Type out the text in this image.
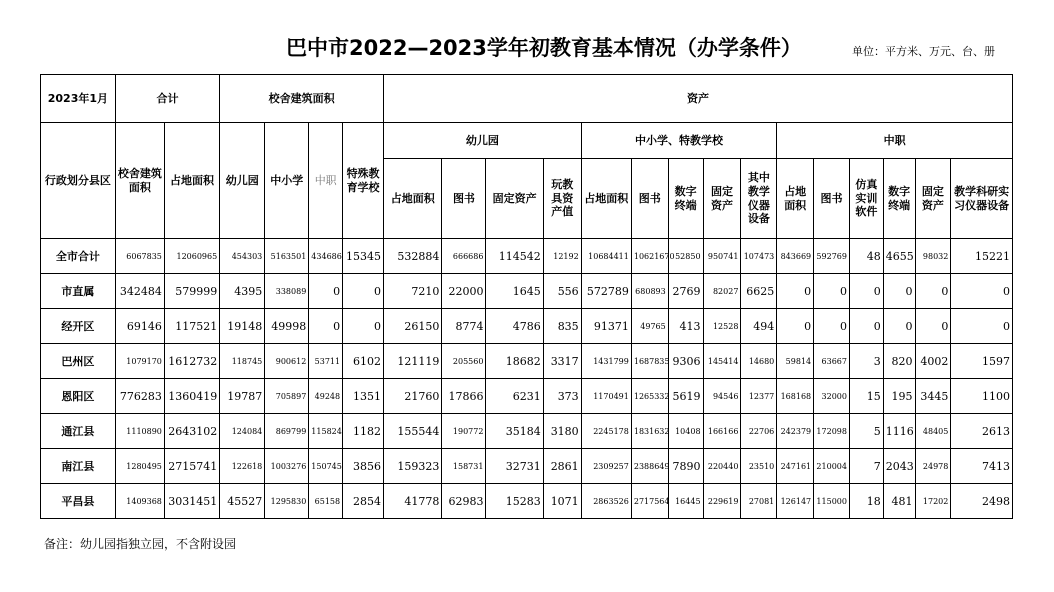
巴中市2022—2023学年初教育基本情况（办学条件）	单位：平方米、万元、台、册
2023年1月	合计		校舍建筑面积				资产														
行政划分县区	校舍建筑面积	占地面积	幼儿园	中小学	中职	特殊教育学校	幼儿园				中小学、特教学校					中职					
							占地面积	图书	固定资产	玩教具资产值	占地面积	图书	数字终端	固定资产	其中教学仪器设备	占地面积	图书	仿真实训软件	数字终端	固定资产	教学科研实习仪器设备
全市合计	6067835	12060965	454303	5163501	434686	15345	532884	666686	114542	12192	10684411	10621670	52850	950741	107473	843669	592769	48	4655	98032	15221
市直属	342484	579999	4395	338089	0	0	7210	22000	1645	556	572789	680893	2769	82027	6625	0	0	0	0	0	0
经开区	69146	117521	19148	49998	0	0	26150	8774	4786	835	91371	49765	413	12528	494	0	0	0	0	0	0
巴州区	1079170	1612732	118745	900612	53711	6102	121119	205560	18682	3317	1431799	1687835	9306	145414	14680	59814	63667	3	820	4002	1597
恩阳区	776283	1360419	19787	705897	49248	1351	21760	17866	6231	373	1170491	1265332	5619	94546	12377	168168	32000	15	195	3445	1100
通江县	1110890	2643102	124084	869799	115824	1182	155544	190772	35184	3180	2245178	1831632	10408	166166	22706	242379	172098	5	1116	48405	2613
南江县	1280495	2715741	122618	1003276	150745	3856	159323	158731	32731	2861	2309257	2388649	7890	220440	23510	247161	210004	7	2043	24978	7413
平昌县	1409368	3031451	45527	1295830	65158	2854	41778	62983	15283	1071	2863526	2717564	16445	229619	27081	126147	115000	18	481	17202	2498
备注：幼儿园指独立园，不含附设园
